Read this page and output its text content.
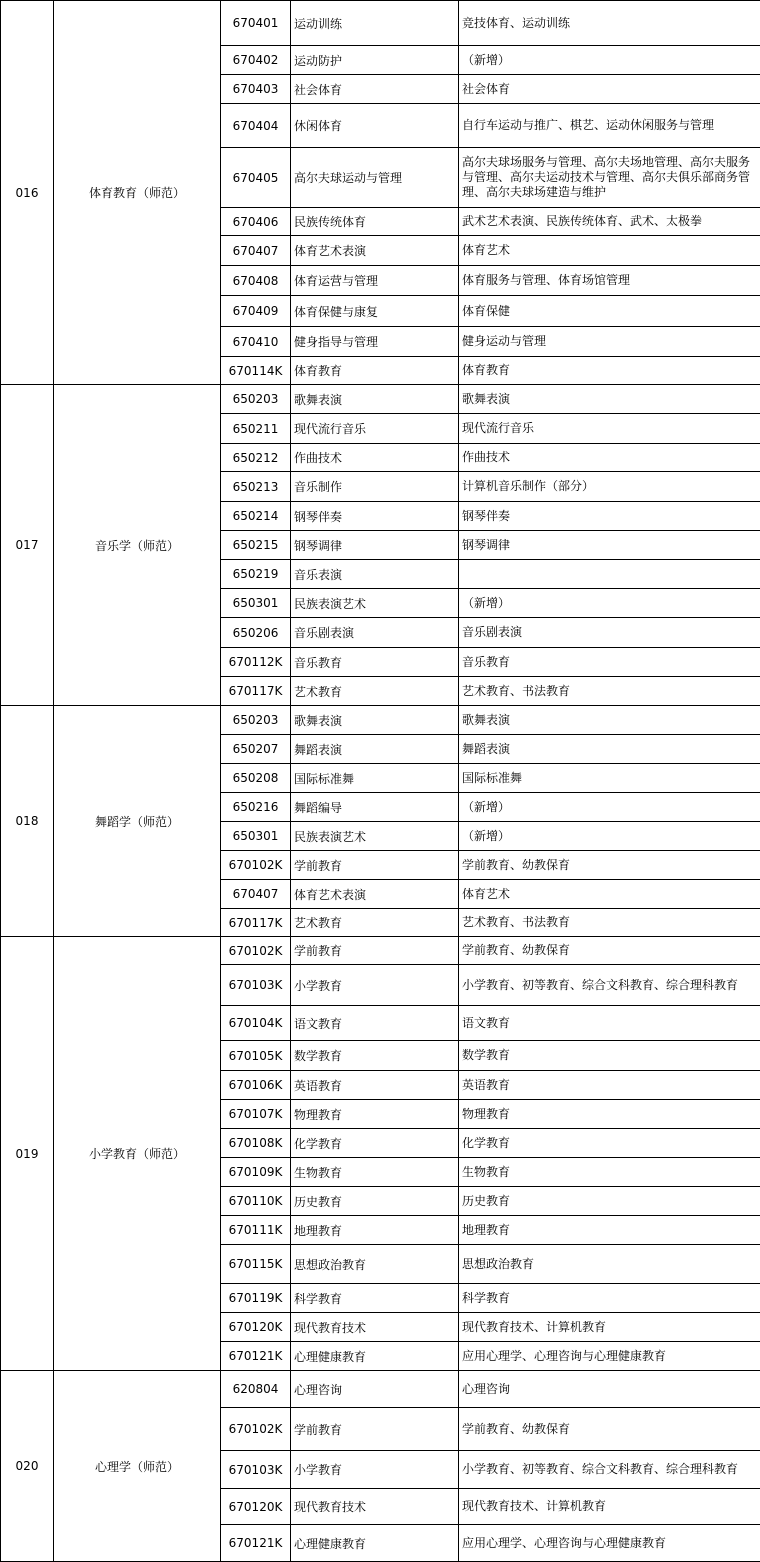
016	体育教育（师范）	670401	运动训练	竞技体育、运动训练
		670402	运动防护	（新增）
		670403	社会体育	社会体育
		670404	休闲体育	自行车运动与推广、棋艺、运动休闲服务与管理
		670405	高尔夫球运动与管理	高尔夫球场服务与管理、高尔夫场地管理、高尔夫服务与管理、高尔夫运动技术与管理、高尔夫俱乐部商务管理、高尔夫球场建造与维护
		670406	民族传统体育	武术艺术表演、民族传统体育、武术、太极拳
		670407	体育艺术表演	体育艺术
		670408	体育运营与管理	体育服务与管理、体育场馆管理
		670409	体育保健与康复	体育保健
		670410	健身指导与管理	健身运动与管理
		670114K	体育教育	体育教育
017	音乐学（师范）	650203	歌舞表演	歌舞表演
		650211	现代流行音乐	现代流行音乐
		650212	作曲技术	作曲技术
		650213	音乐制作	计算机音乐制作（部分）
		650214	钢琴伴奏	钢琴伴奏
		650215	钢琴调律	钢琴调律
		650219	音乐表演	
		650301	民族表演艺术	（新增）
		650206	音乐剧表演	音乐剧表演
		670112K	音乐教育	音乐教育
		670117K	艺术教育	艺术教育、书法教育
018	舞蹈学（师范）	650203	歌舞表演	歌舞表演
		650207	舞蹈表演	舞蹈表演
		650208	国际标准舞	国际标准舞
		650216	舞蹈编导	（新增）
		650301	民族表演艺术	（新增）
		670102K	学前教育	学前教育、幼教保育
		670407	体育艺术表演	体育艺术
		670117K	艺术教育	艺术教育、书法教育
019	小学教育（师范）	670102K	学前教育	学前教育、幼教保育
		670103K	小学教育	小学教育、初等教育、综合文科教育、综合理科教育
		670104K	语文教育	语文教育
		670105K	数学教育	数学教育
		670106K	英语教育	英语教育
		670107K	物理教育	物理教育
		670108K	化学教育	化学教育
		670109K	生物教育	生物教育
		670110K	历史教育	历史教育
		670111K	地理教育	地理教育
		670115K	思想政治教育	思想政治教育
		670119K	科学教育	科学教育
		670120K	现代教育技术	现代教育技术、计算机教育
		670121K	心理健康教育	应用心理学、心理咨询与心理健康教育
020	心理学（师范）	620804	心理咨询	心理咨询
		670102K	学前教育	学前教育、幼教保育
		670103K	小学教育	小学教育、初等教育、综合文科教育、综合理科教育
		670120K	现代教育技术	现代教育技术、计算机教育
		670121K	心理健康教育	应用心理学、心理咨询与心理健康教育
